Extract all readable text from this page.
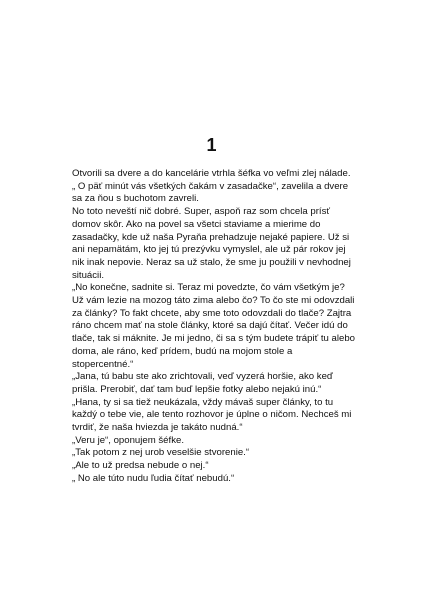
1

Otvorili sa dvere a do kancelárie vtrhla šéfka vo veľmi zlej nálade.

„ O päť minút vás všetkých čakám v zasadačke“, zavelila a dvere sa za ňou s buchotom zavreli.

No toto neveští nič dobré. Super, aspoň raz som chcela prísť domov skôr. Ako na povel sa všetci staviame a mierime do zasadačky, kde už naša Pyraňa prehadzuje nejaké papiere. Už si ani nepamätám, kto jej tú prezývku vymyslel, ale už pár rokov jej nik inak nepovie. Neraz sa už stalo, že sme ju použili v nevhodnej situácii.

„No konečne, sadnite si. Teraz mi povedzte, čo vám všetkým je? Už vám lezie na mozog táto zima alebo čo? To čo ste mi odovzdali za články? To fakt chcete, aby sme toto odovzdali do tlače? Zajtra ráno chcem mať na stole články, ktoré sa dajú čítať. Večer idú do tlače, tak si máknite. Je mi jedno, či sa s tým budete trápiť tu alebo doma, ale ráno, keď prídem, budú na mojom stole a stopercentné.“

„Jana, tú babu ste ako zrichtovali, veď vyzerá horšie, ako keď prišla. Prerobiť, dať tam buď lepšie fotky alebo nejakú inú.“

„Hana, ty si sa tiež neukázala, vždy mávaš super články, to tu každý o tebe vie, ale tento rozhovor je úplne o ničom. Nechceš mi tvrdiť, že naša hviezda je takáto nudná.“

„Veru je“, oponujem šéfke.

„Tak potom z nej urob veselšie stvorenie.“

„Ale to už predsa nebude o nej.“

„ No ale túto nudu ľudia čítať nebudú.“
